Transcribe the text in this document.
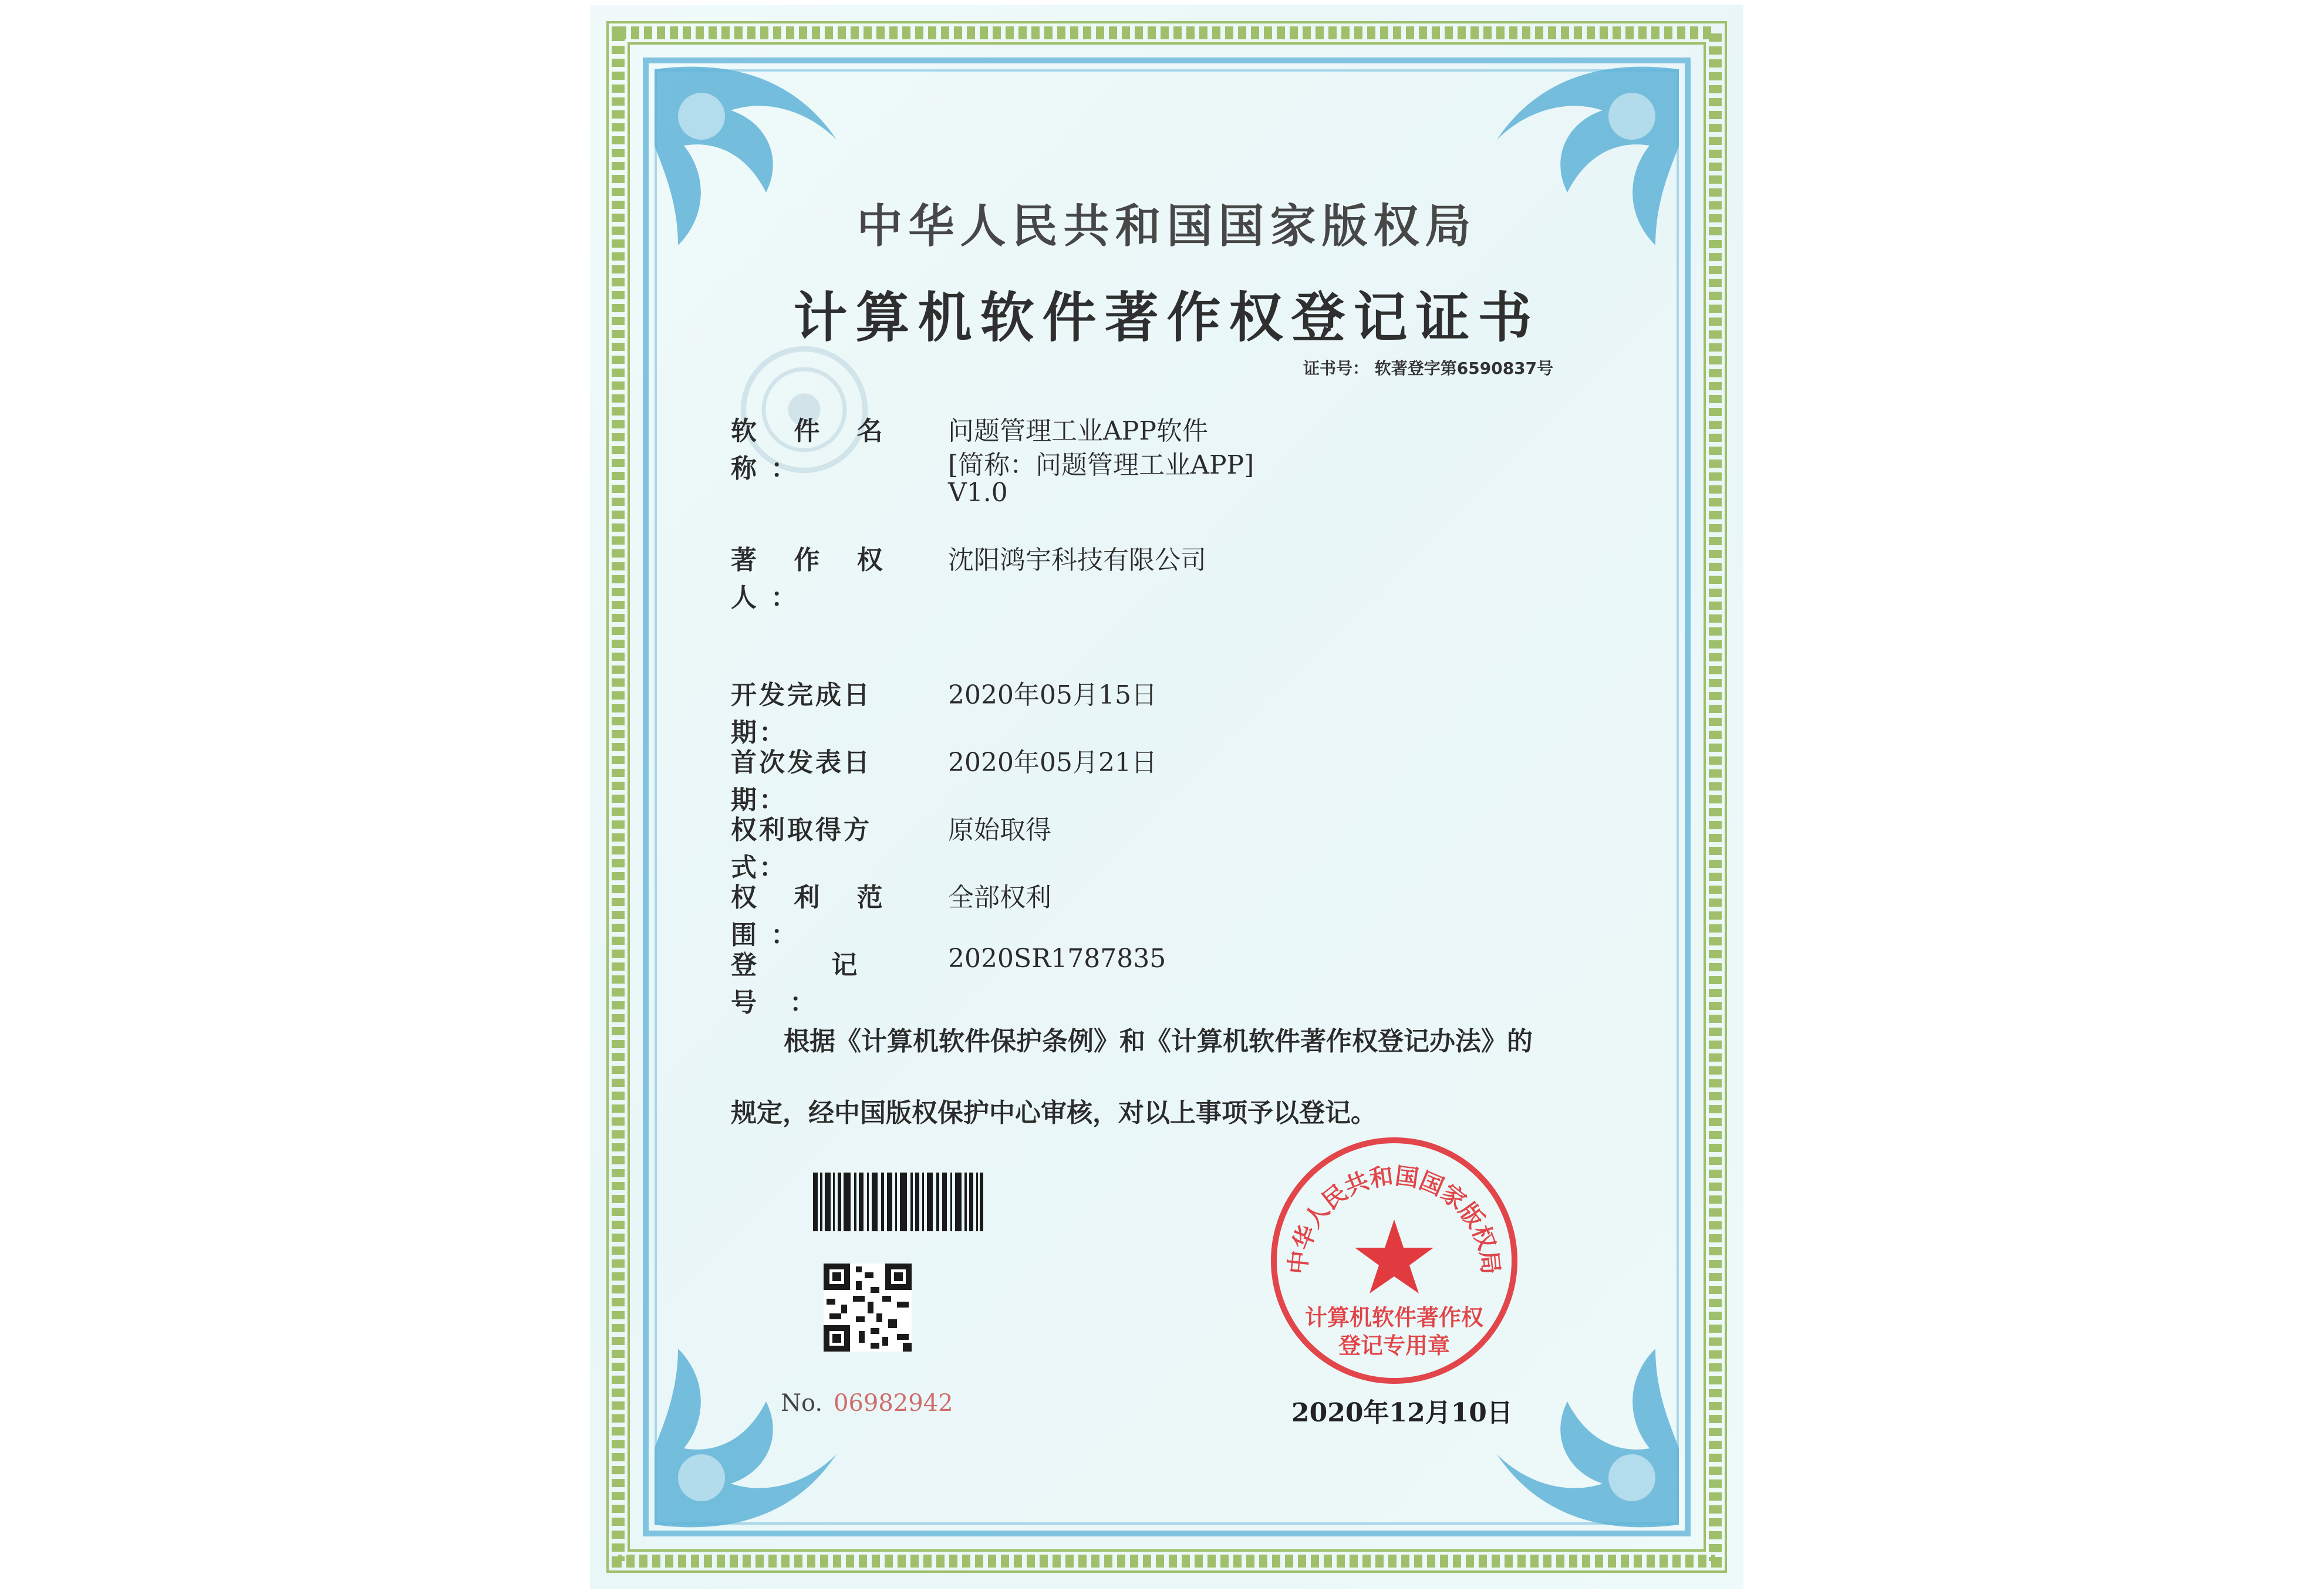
中华人民共和国国家版权局
计算机软件著作权登记证书
证书号： 软著登字第6590837号
软 件 名 称：
问题管理工业APP软件
[简称：问题管理工业APP]
V1.0
著 作 权 人：
沈阳鸿宇科技有限公司
开发完成日期：
2020年05月15日
首次发表日期：
2020年05月21日
权利取得方式：
原始取得
权 利 范 围：
全部权利
登 记 号：
2020SR1787835
根据《计算机软件保护条例》和《计算机软件著作权登记办法》的
规定，经中国版权保护中心审核，对以上事项予以登记。
No. 06982942
中华人民共和国国家版权局
计算机软件著作权
登记专用章
2020年12月10日
